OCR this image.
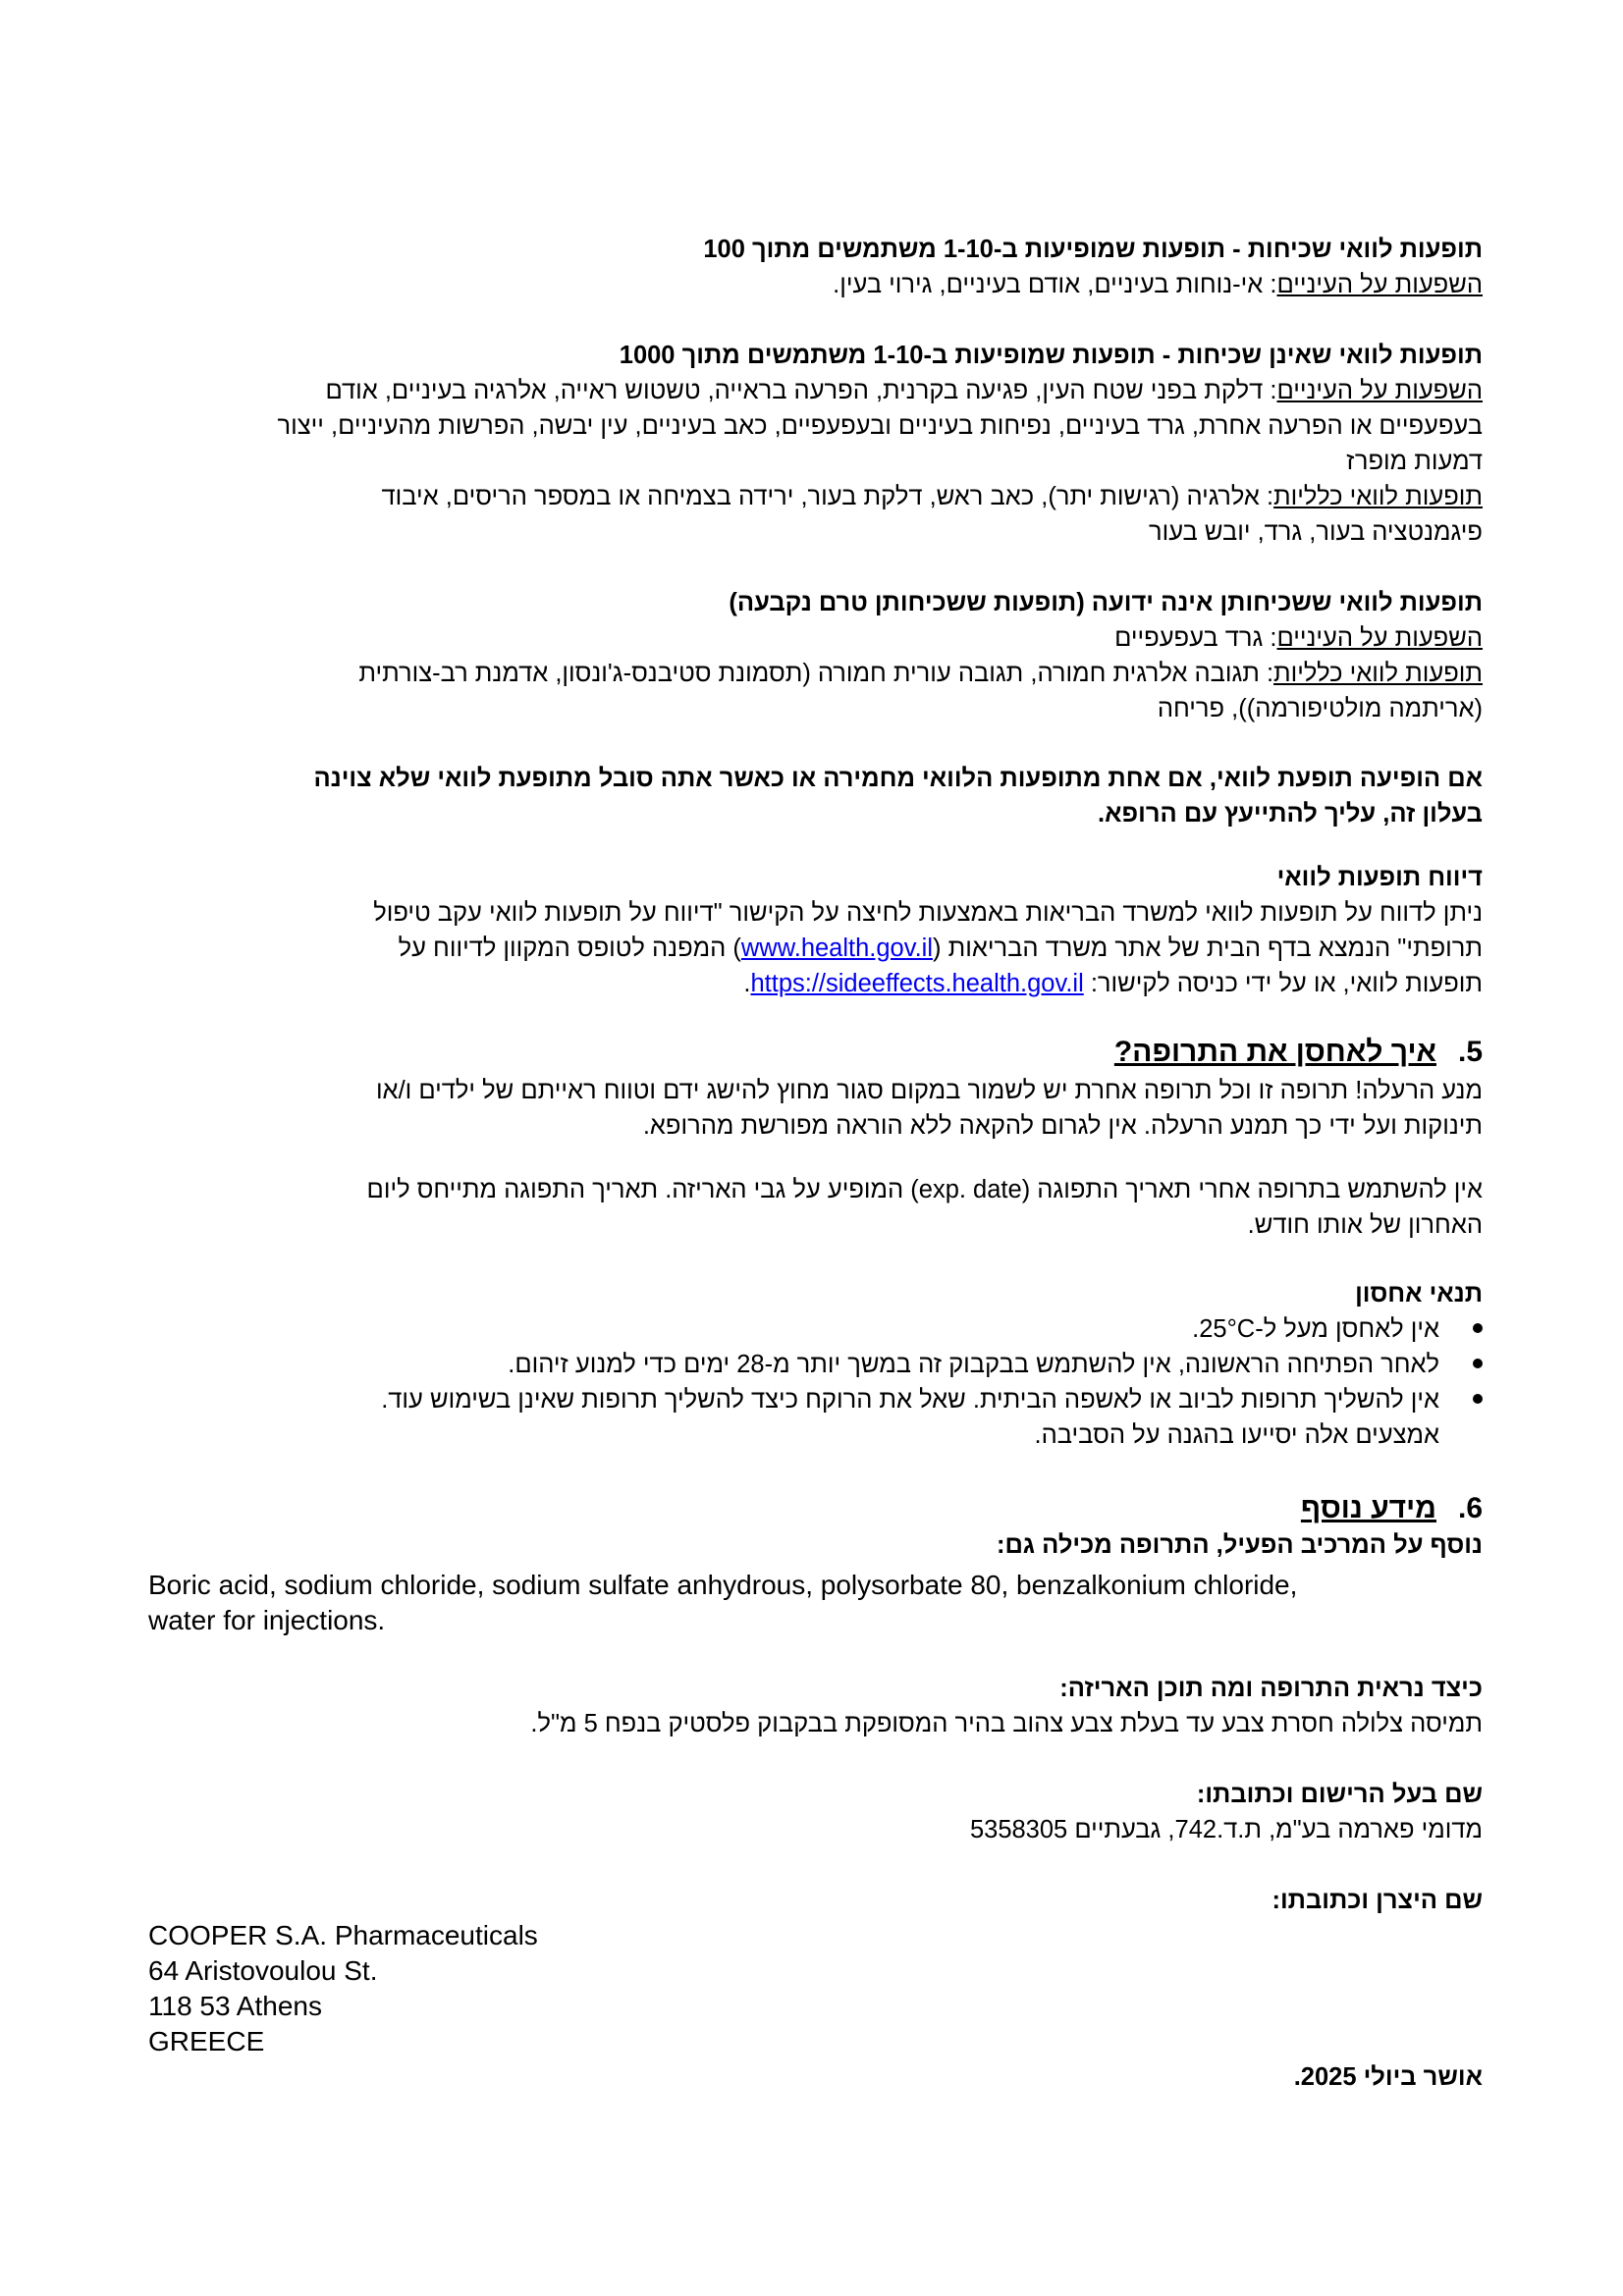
תופעות לוואי שכיחות - תופעות שמופיעות ב-1-10 משתמשים מתוך 100
השפעות על העיניים: אי-נוחות בעיניים, אודם בעיניים, גירוי בעין.
תופעות לוואי שאינן שכיחות - תופעות שמופיעות ב-1-10 משתמשים מתוך 1000
השפעות על העיניים: דלקת בפני שטח העין, פגיעה בקרנית, הפרעה בראייה, טשטוש ראייה, אלרגיה בעיניים, אודם
בעפעפיים או הפרעה אחרת, גרד בעיניים, נפיחות בעיניים ובעפעפיים, כאב בעיניים, עין יבשה, הפרשות מהעיניים, ייצור
דמעות מופרז
תופעות לוואי כלליות: אלרגיה (רגישות יתר), כאב ראש, דלקת בעור, ירידה בצמיחה או במספר הריסים, איבוד
פיגמנטציה בעור, גרד, יובש בעור
תופעות לוואי ששכיחותן אינה ידועה (תופעות ששכיחותן טרם נקבעה)
השפעות על העיניים: גרד בעפעפיים
תופעות לוואי כלליות: תגובה אלרגית חמורה, תגובה עורית חמורה (תסמונת סטיבנס-ג'ונסון, אדמנת רב-צורתית
(אריתמה מולטיפורמה)), פריחה
אם הופיעה תופעת לוואי, אם אחת מתופעות הלוואי מחמירה או כאשר אתה סובל מתופעת לוואי שלא צוינה
בעלון זה, עליך להתייעץ עם הרופא.
דיווח תופעות לוואי
ניתן לדווח על תופעות לוואי למשרד הבריאות באמצעות לחיצה על הקישור "דיווח על תופעות לוואי עקב טיפול
תרופתי" הנמצא בדף הבית של אתר משרד הבריאות (www.health.gov.il) המפנה לטופס המקוון לדיווח על
תופעות לוואי, או על ידי כניסה לקישור: https://sideeffects.health.gov.il.
5.איך לאחסן את התרופה?
מנע הרעלה! תרופה זו וכל תרופה אחרת יש לשמור במקום סגור מחוץ להישג ידם וטווח ראייתם של ילדים ו/או
תינוקות ועל ידי כך תמנע הרעלה. אין לגרום להקאה ללא הוראה מפורשת מהרופא.
אין להשתמש בתרופה אחרי תאריך התפוגה (exp. date) המופיע על גבי האריזה. תאריך התפוגה מתייחס ליום
האחרון של אותו חודש.
תנאי אחסון
אין לאחסן מעל ל-25°C.
לאחר הפתיחה הראשונה, אין להשתמש בבקבוק זה במשך יותר מ-28 ימים כדי למנוע זיהום.
אין להשליך תרופות לביוב או לאשפה הביתית. שאל את הרוקח כיצד להשליך תרופות שאינן בשימוש עוד.
אמצעים אלה יסייעו בהגנה על הסביבה.
6.מידע נוסף
נוסף על המרכיב הפעיל, התרופה מכילה גם:
Boric acid, sodium chloride, sodium sulfate anhydrous, polysorbate 80, benzalkonium chloride,
water for injections.
כיצד נראית התרופה ומה תוכן האריזה:
תמיסה צלולה חסרת צבע עד בעלת צבע צהוב בהיר המסופקת בבקבוק פלסטיק בנפח 5 מ"ל.
שם בעל הרישום וכתובתו:
מדומי פארמה בע"מ, ת.ד.742, גבעתיים 5358305
שם היצרן וכתובתו:
COOPER S.A. Pharmaceuticals
64 Aristovoulou St.
118 53 Athens
GREECE
אושר ביולי 2025.
